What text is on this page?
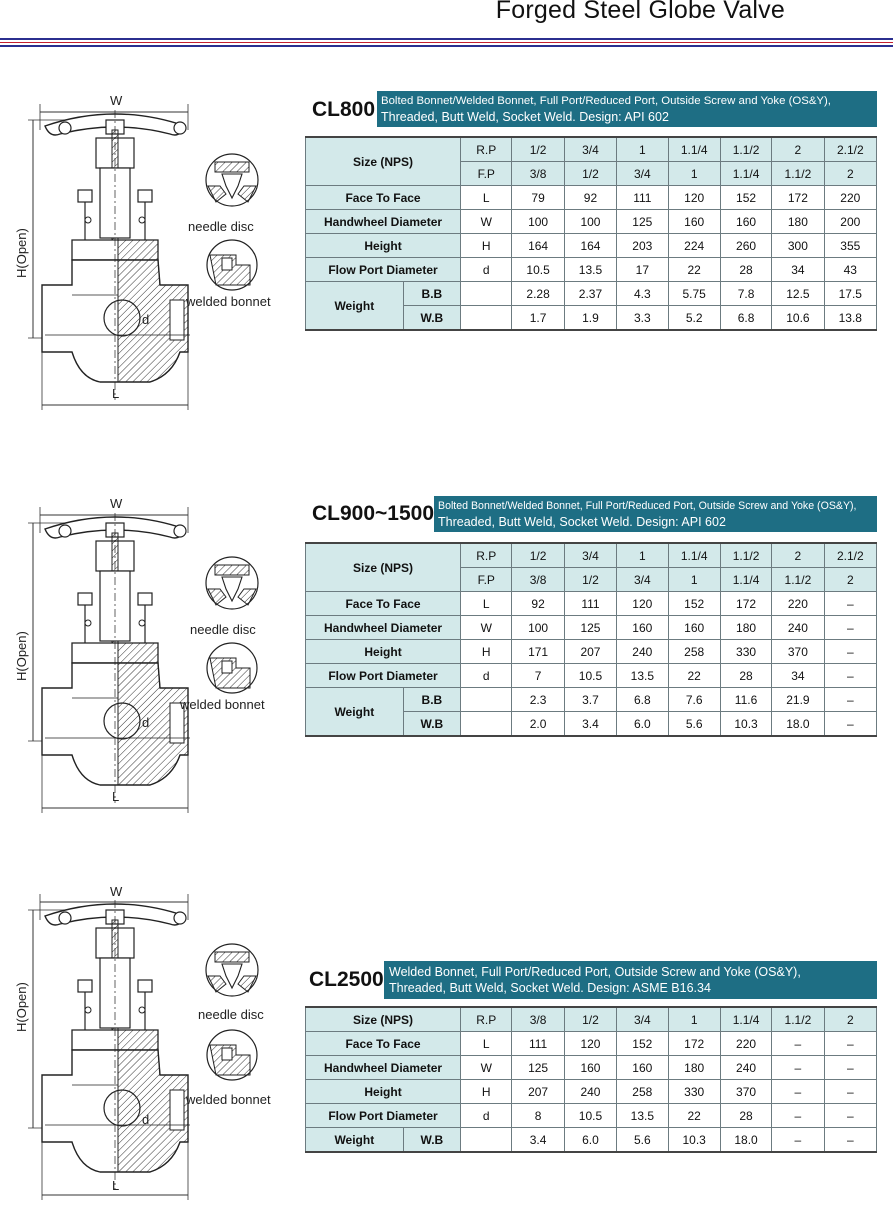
Forged Steel Globe Valve
W
H(Open)
L
d
needle disc
welded bonnet
CL800 Bolted Bonnet/Welded Bonnet, Full Port/Reduced Port, Outside Screw and Yoke (OS&Y),
Threaded, Butt Weld, Socket Weld. Design: API 602
Size (NPS)		R.P	1/2	3/4	1	1.1/4	1.1/2	2	2.1/2
		F.P	3/8	1/2	3/4	1	1.1/4	1.1/2	2
Face To Face		L	79	92	111	120	152	172	220
Handwheel Diameter		W	100	100	125	160	160	180	200
Height		H	164	164	203	224	260	300	355
Flow Port Diameter		d	10.5	13.5	17	22	28	34	43
Weight	B.B		2.28	2.37	4.3	5.75	7.8	12.5	17.5
	W.B		1.7	1.9	3.3	5.2	6.8	10.6	13.8
W
H(Open)
L
d
needle disc
welded bonnet
CL900~1500 Bolted Bonnet/Welded Bonnet, Full Port/Reduced Port, Outside Screw and Yoke (OS&Y),
Threaded, Butt Weld, Socket Weld. Design: API 602
Size (NPS)		R.P	1/2	3/4	1	1.1/4	1.1/2	2	2.1/2
		F.P	3/8	1/2	3/4	1	1.1/4	1.1/2	2
Face To Face		L	92	111	120	152	172	220	–
Handwheel Diameter		W	100	125	160	160	180	240	–
Height		H	171	207	240	258	330	370	–
Flow Port Diameter		d	7	10.5	13.5	22	28	34	–
Weight	B.B		2.3	3.7	6.8	7.6	11.6	21.9	–
	W.B		2.0	3.4	6.0	5.6	10.3	18.0	–
W
H(Open)
L
d
needle disc
welded bonnet
CL2500 Welded Bonnet, Full Port/Reduced Port, Outside Screw and Yoke (OS&Y),
Threaded, Butt Weld, Socket Weld. Design: ASME B16.34
Size (NPS)		R.P	3/8	1/2	3/4	1	1.1/4	1.1/2	2
Face To Face		L	111	120	152	172	220	–	–
Handwheel Diameter		W	125	160	160	180	240	–	–
Height		H	207	240	258	330	370	–	–
Flow Port Diameter		d	8	10.5	13.5	22	28	–	–
Weight	W.B		3.4	6.0	5.6	10.3	18.0	–	–
